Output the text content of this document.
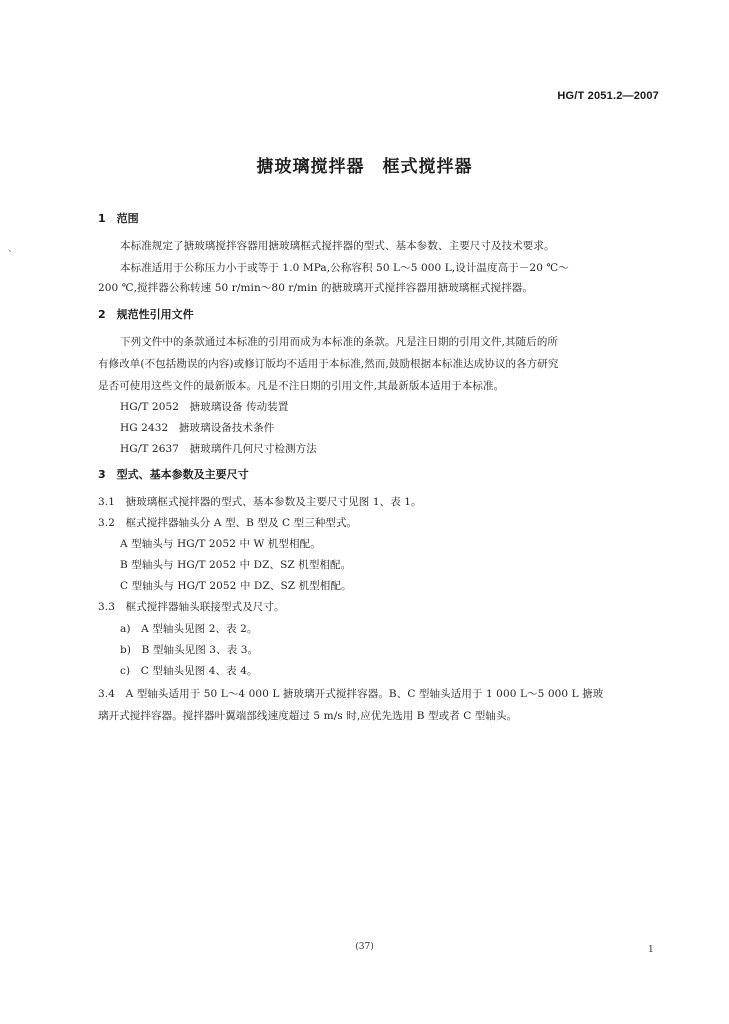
HG/T 2051.2—2007
搪玻璃搅拌器　框式搅拌器
、
1　范围
本标准规定了搪玻璃搅拌容器用搪玻璃框式搅拌器的型式、基本参数、主要尺寸及技术要求。
本标准适用于公称压力小于或等于 1.0 MPa,公称容积 50 L～5 000 L,设计温度高于－20 ℃～
200 ℃,搅拌器公称转速 50 r/min～80 r/min 的搪玻璃开式搅拌容器用搪玻璃框式搅拌器。
2　规范性引用文件
下列文件中的条款通过本标准的引用而成为本标准的条款。凡是注日期的引用文件,其随后的所
有修改单(不包括勘误的内容)或修订版均不适用于本标准,然而,鼓励根据本标准达成协议的各方研究
是否可使用这些文件的最新版本。凡是不注日期的引用文件,其最新版本适用于本标准。
HG/T 2052　搪玻璃设备 传动装置
HG 2432　搪玻璃设备技术条件
HG/T 2637　搪玻璃件几何尺寸检测方法
3　型式、基本参数及主要尺寸
3.1　搪玻璃框式搅拌器的型式、基本参数及主要尺寸见图 1、表 1。
3.2　框式搅拌器轴头分 A 型、B 型及 C 型三种型式。
A 型轴头与 HG/T 2052 中 W 机型相配。
B 型轴头与 HG/T 2052 中 DZ、SZ 机型相配。
C 型轴头与 HG/T 2052 中 DZ、SZ 机型相配。
3.3　框式搅拌器轴头联接型式及尺寸。
a)　A 型轴头见图 2、表 2。
b)　B 型轴头见图 3、表 3。
c)　C 型轴头见图 4、表 4。
3.4　A 型轴头适用于 50 L～4 000 L 搪玻璃开式搅拌容器。B、C 型轴头适用于 1 000 L～5 000 L 搪玻
璃开式搅拌容器。搅拌器叶翼端部线速度超过 5 m/s 时,应优先选用 B 型或者 C 型轴头。
(37)	1
